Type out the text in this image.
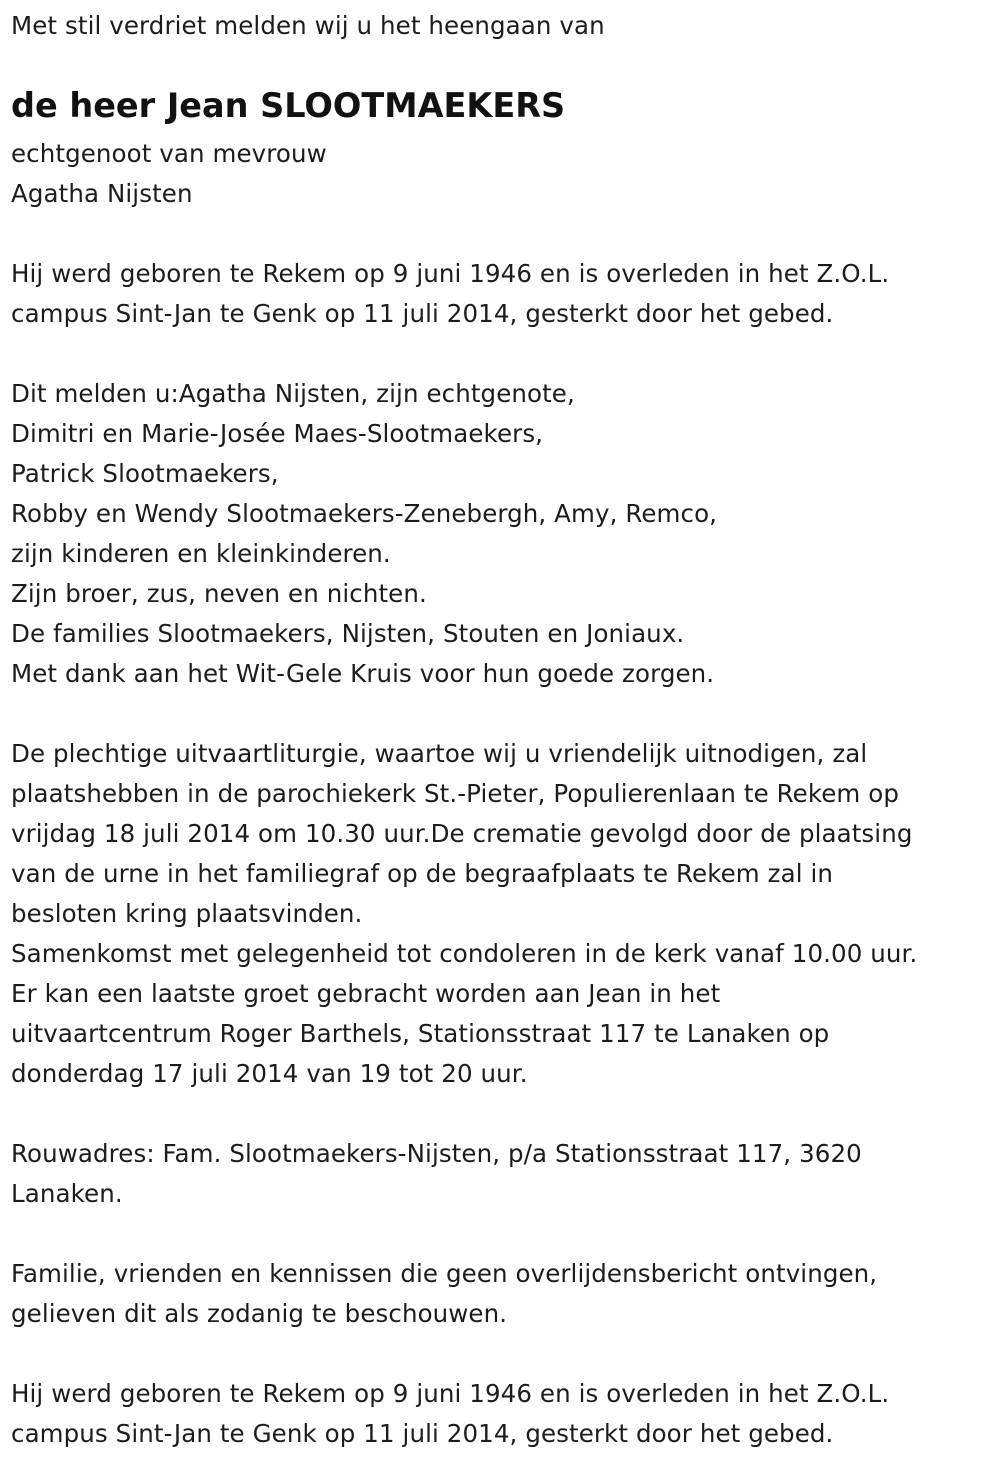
Met stil verdriet melden wij u het heengaan van
de heer Jean SLOOTMAEKERS
echtgenoot van mevrouw
Agatha Nijsten
Hij werd geboren te Rekem op 9 juni 1946 en is overleden in het Z.O.L.
campus Sint-Jan te Genk op 11 juli 2014, gesterkt door het gebed.
Dit melden u:Agatha Nijsten, zijn echtgenote,
Dimitri en Marie-Josée Maes-Slootmaekers,
Patrick Slootmaekers,
Robby en Wendy Slootmaekers-Zenebergh, Amy, Remco,
zijn kinderen en kleinkinderen.
Zijn broer, zus, neven en nichten.
De families Slootmaekers, Nijsten, Stouten en Joniaux.
Met dank aan het Wit-Gele Kruis voor hun goede zorgen.
De plechtige uitvaartliturgie, waartoe wij u vriendelijk uitnodigen, zal
plaatshebben in de parochiekerk St.-Pieter, Populierenlaan te Rekem op
vrijdag 18 juli 2014 om 10.30 uur.De crematie gevolgd door de plaatsing
van de urne in het familiegraf op de begraafplaats te Rekem zal in
besloten kring plaatsvinden.
Samenkomst met gelegenheid tot condoleren in de kerk vanaf 10.00 uur.
Er kan een laatste groet gebracht worden aan Jean in het
uitvaartcentrum Roger Barthels, Stationsstraat 117 te Lanaken op
donderdag 17 juli 2014 van 19 tot 20 uur.
Rouwadres: Fam. Slootmaekers-Nijsten, p/a Stationsstraat 117, 3620
Lanaken.
Familie, vrienden en kennissen die geen overlijdensbericht ontvingen,
gelieven dit als zodanig te beschouwen.
Hij werd geboren te Rekem op 9 juni 1946 en is overleden in het Z.O.L.
campus Sint-Jan te Genk op 11 juli 2014, gesterkt door het gebed.
